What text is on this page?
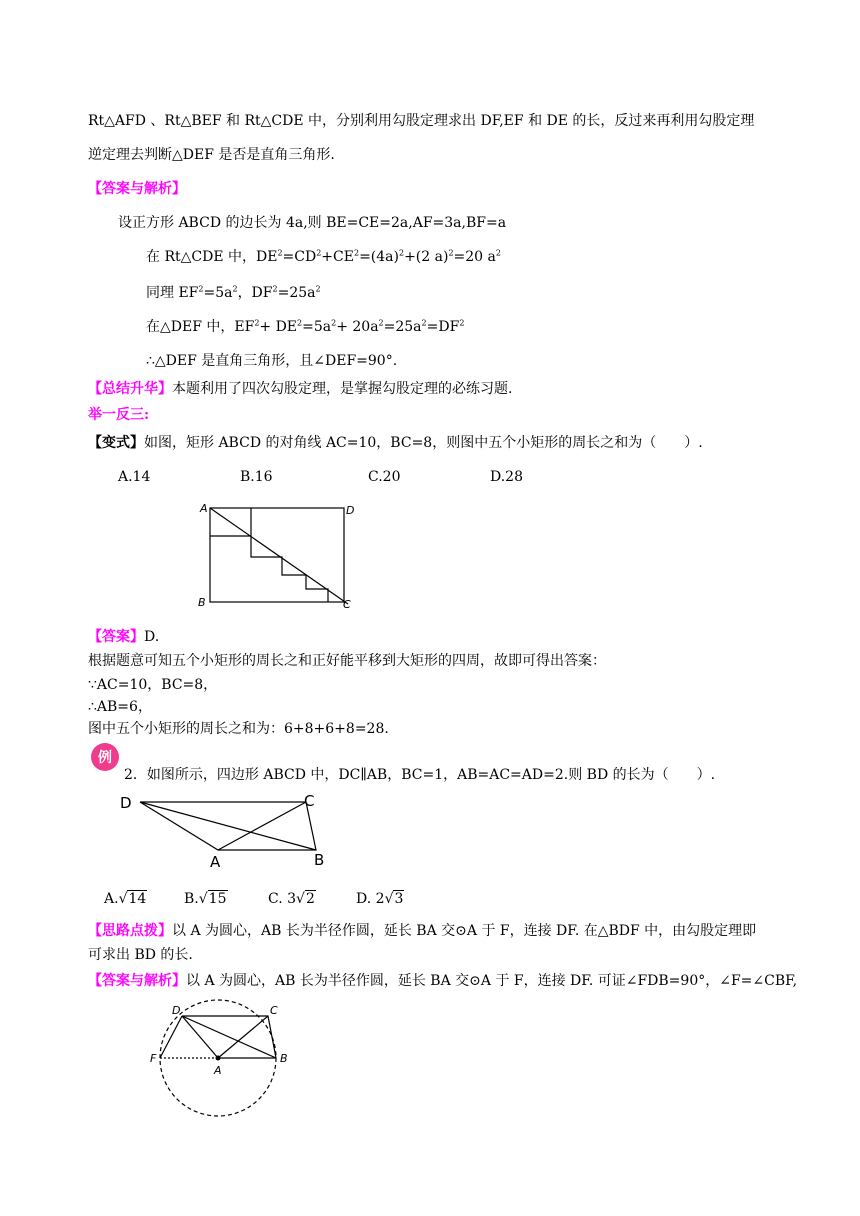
Rt△AFD 、Rt△BEF 和 Rt△CDE 中，分别利用勾股定理求出 DF,EF 和 DE 的长，反过来再利用勾股定理
逆定理去判断△DEF 是否是直角三角形.
【答案与解析】
设正方形 ABCD 的边长为 4a,则 BE=CE=2a,AF=3a,BF=a
在 Rt△CDE 中，$DE^2=CD^2+CE^2=(4a)^2+(2$ a)$^2$=20 $a^2$
同理 $EF^2=5a^2$，$DF^2=25a^2$
在△DEF 中，$EF^2+ DE^2=5a^2+ 20a^2=25a^2=DF^2$
∴△DEF 是直角三角形，且∠DEF=90°.
【总结升华】本题利用了四次勾股定理，是掌握勾股定理的必练习题.
举一反三:
【变式】如图，矩形 ABCD 的对角线 AC=10，BC=8，则图中五个小矩形的周长之和为（　　）.
A.14	B.16	C.20	D.28
A	D
B	C
【答案】D.
根据题意可知五个小矩形的周长之和正好能平移到大矩形的四周，故即可得出答案：
∵AC=10，BC=8，
∴AB=6，
图中五个小矩形的周长之和为：6+8+6+8=28.
例
2．如图所示，四边形 ABCD 中，DC∥AB，BC=1，AB=AC=AD=2.则 BD 的长为（　　）.
D	C
A	B
A.√14	B.√15	C. 3√2	D. 2√3
【思路点拨】以 A 为圆心，AB 长为半径作圆，延长 BA 交⊙A 于 F，连接 DF. 在△BDF 中，由勾股定理即
可求出 BD 的长.
【答案与解析】以 A 为圆心，AB 长为半径作圆，延长 BA 交⊙A 于 F，连接 DF. 可证∠FDB=90°，∠F=∠CBF,
D	C
F
A
B
